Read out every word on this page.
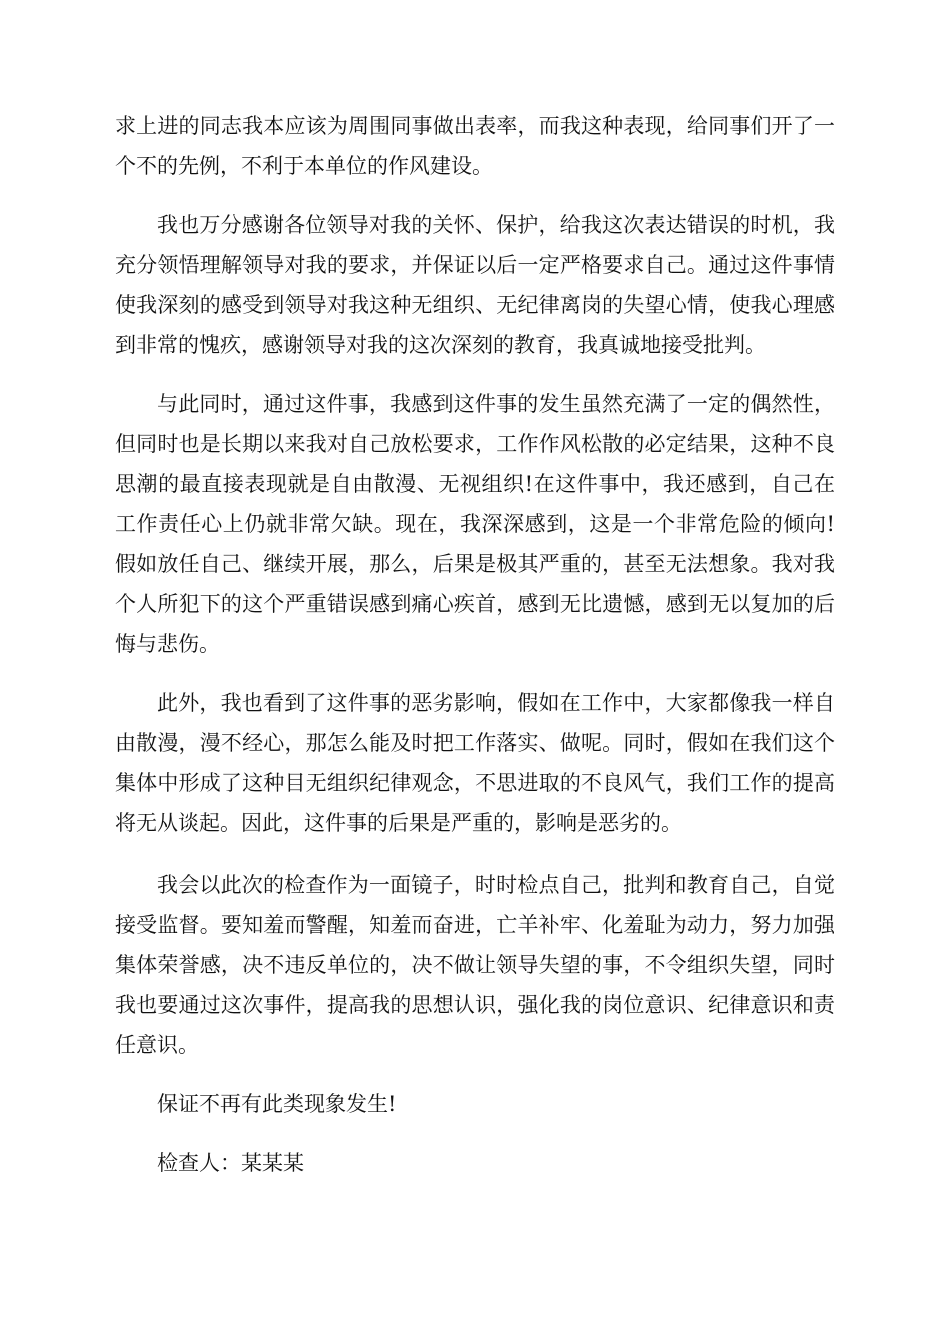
求上进的同志我本应该为周围同事做出表率，而我这种表现，给同事们开了一个不的先例，不利于本单位的作风建设。

我也万分感谢各位领导对我的关怀、保护，给我这次表达错误的时机，我充分领悟理解领导对我的要求，并保证以后一定严格要求自己。通过这件事情使我深刻的感受到领导对我这种无组织、无纪律离岗的失望心情，使我心理感到非常的愧疚，感谢领导对我的这次深刻的教育，我真诚地接受批判。

与此同时，通过这件事，我感到这件事的发生虽然充满了一定的偶然性，但同时也是长期以来我对自己放松要求，工作作风松散的必定结果，这种不良思潮的最直接表现就是自由散漫、无视组织!在这件事中，我还感到，自己在工作责任心上仍就非常欠缺。现在，我深深感到，这是一个非常危险的倾向!假如放任自己、继续开展，那么，后果是极其严重的，甚至无法想象。我对我个人所犯下的这个严重错误感到痛心疾首，感到无比遗憾，感到无以复加的后悔与悲伤。

此外，我也看到了这件事的恶劣影响，假如在工作中，大家都像我一样自由散漫，漫不经心，那怎么能及时把工作落实、做呢。同时，假如在我们这个集体中形成了这种目无组织纪律观念，不思进取的不良风气，我们工作的提高将无从谈起。因此，这件事的后果是严重的，影响是恶劣的。

我会以此次的检查作为一面镜子，时时检点自己，批判和教育自己，自觉接受监督。要知羞而警醒，知羞而奋进，亡羊补牢、化羞耻为动力，努力加强集体荣誉感，决不违反单位的，决不做让领导失望的事，不令组织失望，同时我也要通过这次事件，提高我的思想认识，强化我的岗位意识、纪律意识和责任意识。

保证不再有此类现象发生!

检查人：某某某
